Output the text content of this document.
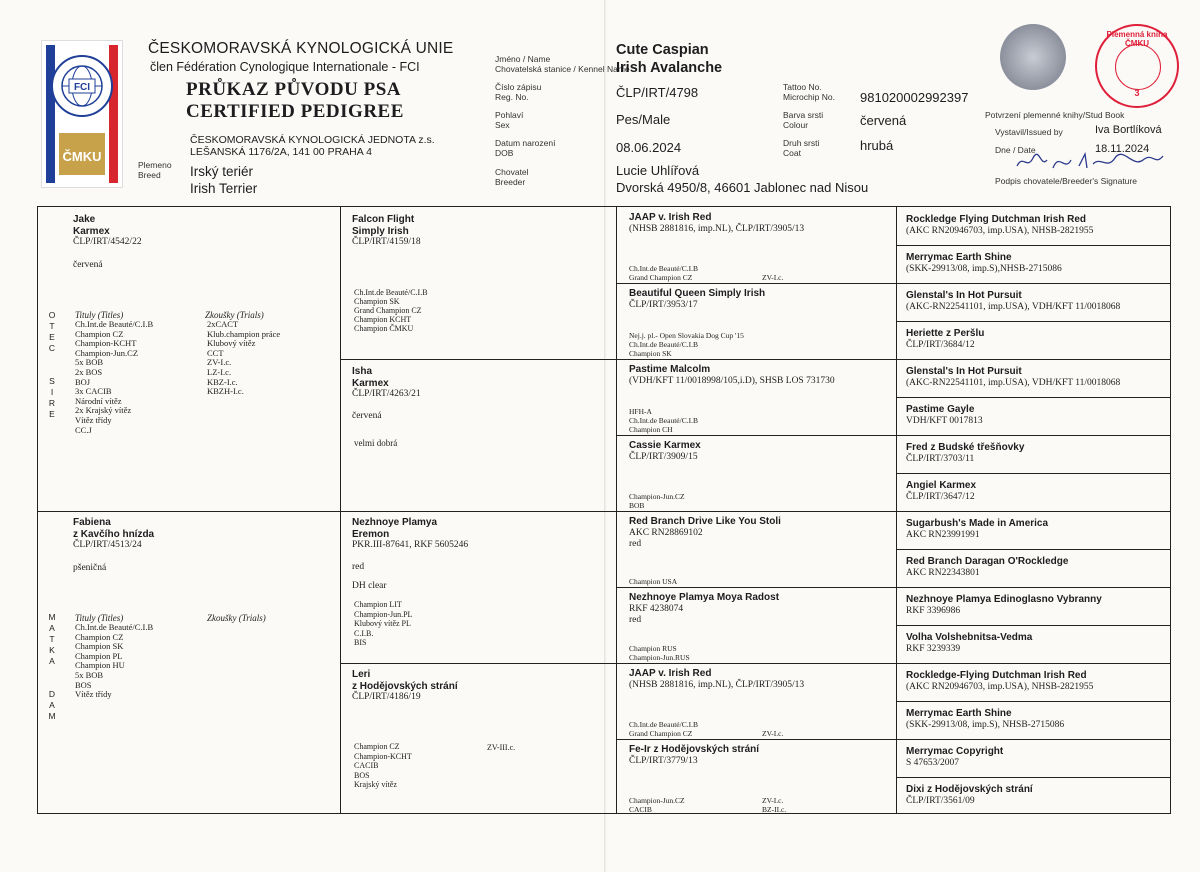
FCI
ČMKU
ČESKOMORAVSKÁ KYNOLOGICKÁ UNIE
člen Fédération Cynologique Internationale - FCI
PRŮKAZ PŮVODU PSA
CERTIFIED PEDIGREE
ČESKOMORAVSKÁ KYNOLOGICKÁ JEDNOTA z.s.
LEŠANSKÁ 1176/2A, 141 00 PRAHA 4
Plemeno
Breed	Irský teriér
Irish Terrier
Jméno / Name
Chovatelská stanice / Kennel Name
Cute Caspian
Irish Avalanche
Číslo zápisu
Reg. No.	ČLP/IRT/4798
Pohlaví
Sex	Pes/Male
Datum narození
DOB	08.06.2024
Chovatel
Breeder
Lucie Uhlířová
Dvorská 4950/8, 46601 Jablonec nad Nisou
Tattoo No.
Microchip No. 981020002992397
Barva srsti
Colour	červená
Druh srsti
Coat	hrubá
Plemenná kniha ČMKU
3
Potvrzení plemenné knihy/Stud Book
Vystavil/Issued by	Iva Bortlíková
Dne / Date	18.11.2024
Podpis chovatele/Breeder's Signature
O
T
E
C
S
I
R
E
M
A
T
K
A
D
A
M
Jake
Karmex
ČLP/IRT/4542/22
červená
Tituly (Titles)	Zkoušky (Trials)
Ch.Int.de Beauté/C.I.B
Champion CZ
Champion-KCHT
Champion-Jun.CZ
5x BOB
2x BOS
BOJ
3x CACIB
Národní vítěz
2x Krajský vítěz
Vítěz třídy
CC.J
2xCACT
Klub.champion práce
Klubový vítěz
CCT
ZV-I.c.
LZ-I.c.
KBZ-I.c.
KBZH-I.c.
Fabiena
z Kavčího hnízda
ČLP/IRT/4513/24
pšeničná
Tituly (Titles)	Zkoušky (Trials)
Ch.Int.de Beauté/C.I.B
Champion CZ
Champion SK
Champion PL
Champion HU
5x BOB
BOS
Vítěz třídy
Falcon Flight
Simply Irish
ČLP/IRT/4159/18
Ch.Int.de Beauté/C.I.B
Champion SK
Grand Champion CZ
Champion KCHT
Champion ČMKU
Isha
Karmex
ČLP/IRT/4263/21
červená
velmi dobrá
Nezhnoye Plamya
Eremon
PKR.III-87641, RKF 5605246
red
DH clear
Champion LIT
Champion-Jun.PL
Klubový vítěz PL
C.I.B.
BIS
Leri
z Hodějovských strání
ČLP/IRT/4186/19
Champion CZ
Champion-KCHT
CACIB
BOS
Krajský vítěz
ZV-III.c.
JAAP v. Irish Red
(NHSB 2881816, imp.NL), ČLP/IRT/3905/13
Ch.Int.de Beauté/C.I.B
Grand Champion CZ	ZV-I.c.
Beautiful Queen Simply Irish
ČLP/IRT/3953/17
Nej.j. pl.- Open Slovakia Dog Cup '15
Ch.Int.de Beauté/C.I.B
Champion SK
Pastime Malcolm
(VDH/KFT 11/0018998/105,i.D), SHSB LOS 731730
HFH-A
Ch.Int.de Beauté/C.I.B
Champion CH
Cassie Karmex
ČLP/IRT/3909/15
Champion-Jun.CZ
BOB
Red Branch Drive Like You Stoli
AKC RN28869102
red
Champion USA
Nezhnoye Plamya Moya Radost
RKF 4238074
red
Champion RUS
Champion-Jun.RUS
JAAP v. Irish Red
(NHSB 2881816, imp.NL), ČLP/IRT/3905/13
Ch.Int.de Beauté/C.I.B
Grand Champion CZ	ZV-I.c.
Fe-Ir z Hodějovských strání
ČLP/IRT/3779/13
Champion-Jun.CZ
CACIB
ZV-I.c.
BZ-II.c.
Rockledge Flying Dutchman Irish Red
(AKC RN20946703, imp.USA), NHSB-2821955
Merrymac Earth Shine
(SKK-29913/08, imp.S),NHSB-2715086
Glenstal's In Hot Pursuit
(AKC-RN22541101, imp.USA), VDH/KFT 11/0018068
Heriette z Peršlu
ČLP/IRT/3684/12
Glenstal's In Hot Pursuit
(AKC-RN22541101, imp.USA), VDH/KFT 11/0018068
Pastime Gayle
VDH/KFT 0017813
Fred z Budské třešňovky
ČLP/IRT/3703/11
Angiel Karmex
ČLP/IRT/3647/12
Sugarbush's Made in America
AKC RN23991991
Red Branch Daragan O'Rockledge
AKC RN22343801
Nezhnoye Plamya Edinoglasno Vybranny
RKF 3396986
Volha Volshebnitsa-Vedma
RKF 3239339
Rockledge-Flying Dutchman Irish Red
(AKC RN20946703, imp.USA), NHSB-2821955
Merrymac Earth Shine
(SKK-29913/08, imp.S), NHSB-2715086
Merrymac Copyright
S 47653/2007
Dixi z Hodějovských strání
ČLP/IRT/3561/09
